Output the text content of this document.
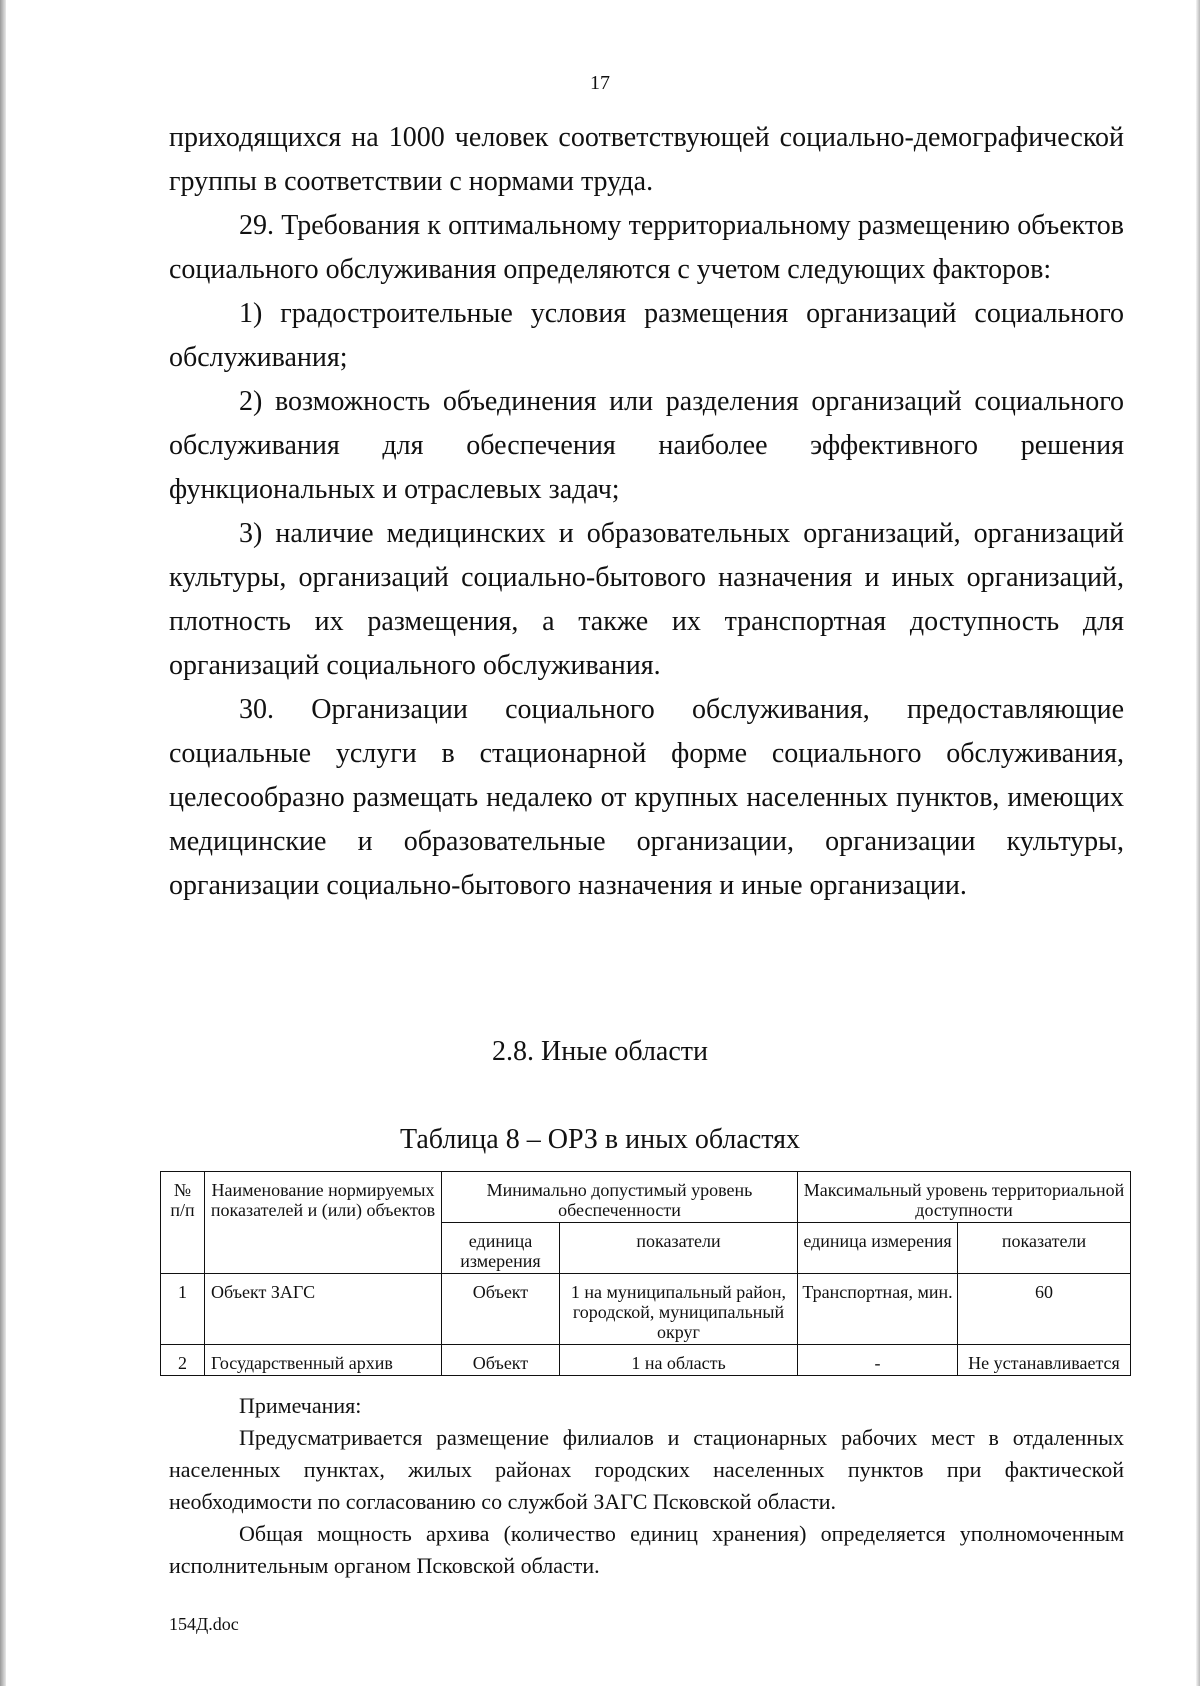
17

приходящихся на 1000 человек соответствующей социально-демографической группы в соответствии с нормами труда.

29. Требования к оптимальному территориальному размещению объектов социального обслуживания определяются с учетом следующих факторов:

1) градостроительные условия размещения организаций социального обслуживания;

2) возможность объединения или разделения организаций социального обслуживания для обеспечения наиболее эффективного решения функциональных и отраслевых задач;

3) наличие медицинских и образовательных организаций, организаций культуры, организаций социально-бытового назначения и иных организаций, плотность их размещения, а также их транспортная доступность для организаций социального обслуживания.

30. Организации социального обслуживания, предоставляющие социальные услуги в стационарной форме социального обслуживания, целесообразно размещать недалеко от крупных населенных пунктов, имеющих медицинские и образовательные организации, организации культуры, организации социально-бытового назначения и иные организации.

2.8. Иные области
Таблица 8 – ОРЗ в иных областях
№ п/п	Наименование нормируемых показателей и (или) объектов	Минимально допустимый уровень обеспеченности		Максимальный уровень территориальной доступности	
		единица измерения	показатели	единица измерения	показатели
1	Объект ЗАГС	Объект	1 на муниципальный район, городской, муниципальный округ	Транспортная, мин.	60
2	Государственный архив	Объект	1 на область	-	Не устанавливается

Примечания:

Предусматривается размещение филиалов и стационарных рабочих мест в отдаленных населенных пунктах, жилых районах городских населенных пунктов при фактической необходимости по согласованию со службой ЗАГС Псковской области.

Общая мощность архива (количество единиц хранения) определяется уполномоченным исполнительным органом Псковской области.

154Д.doc
